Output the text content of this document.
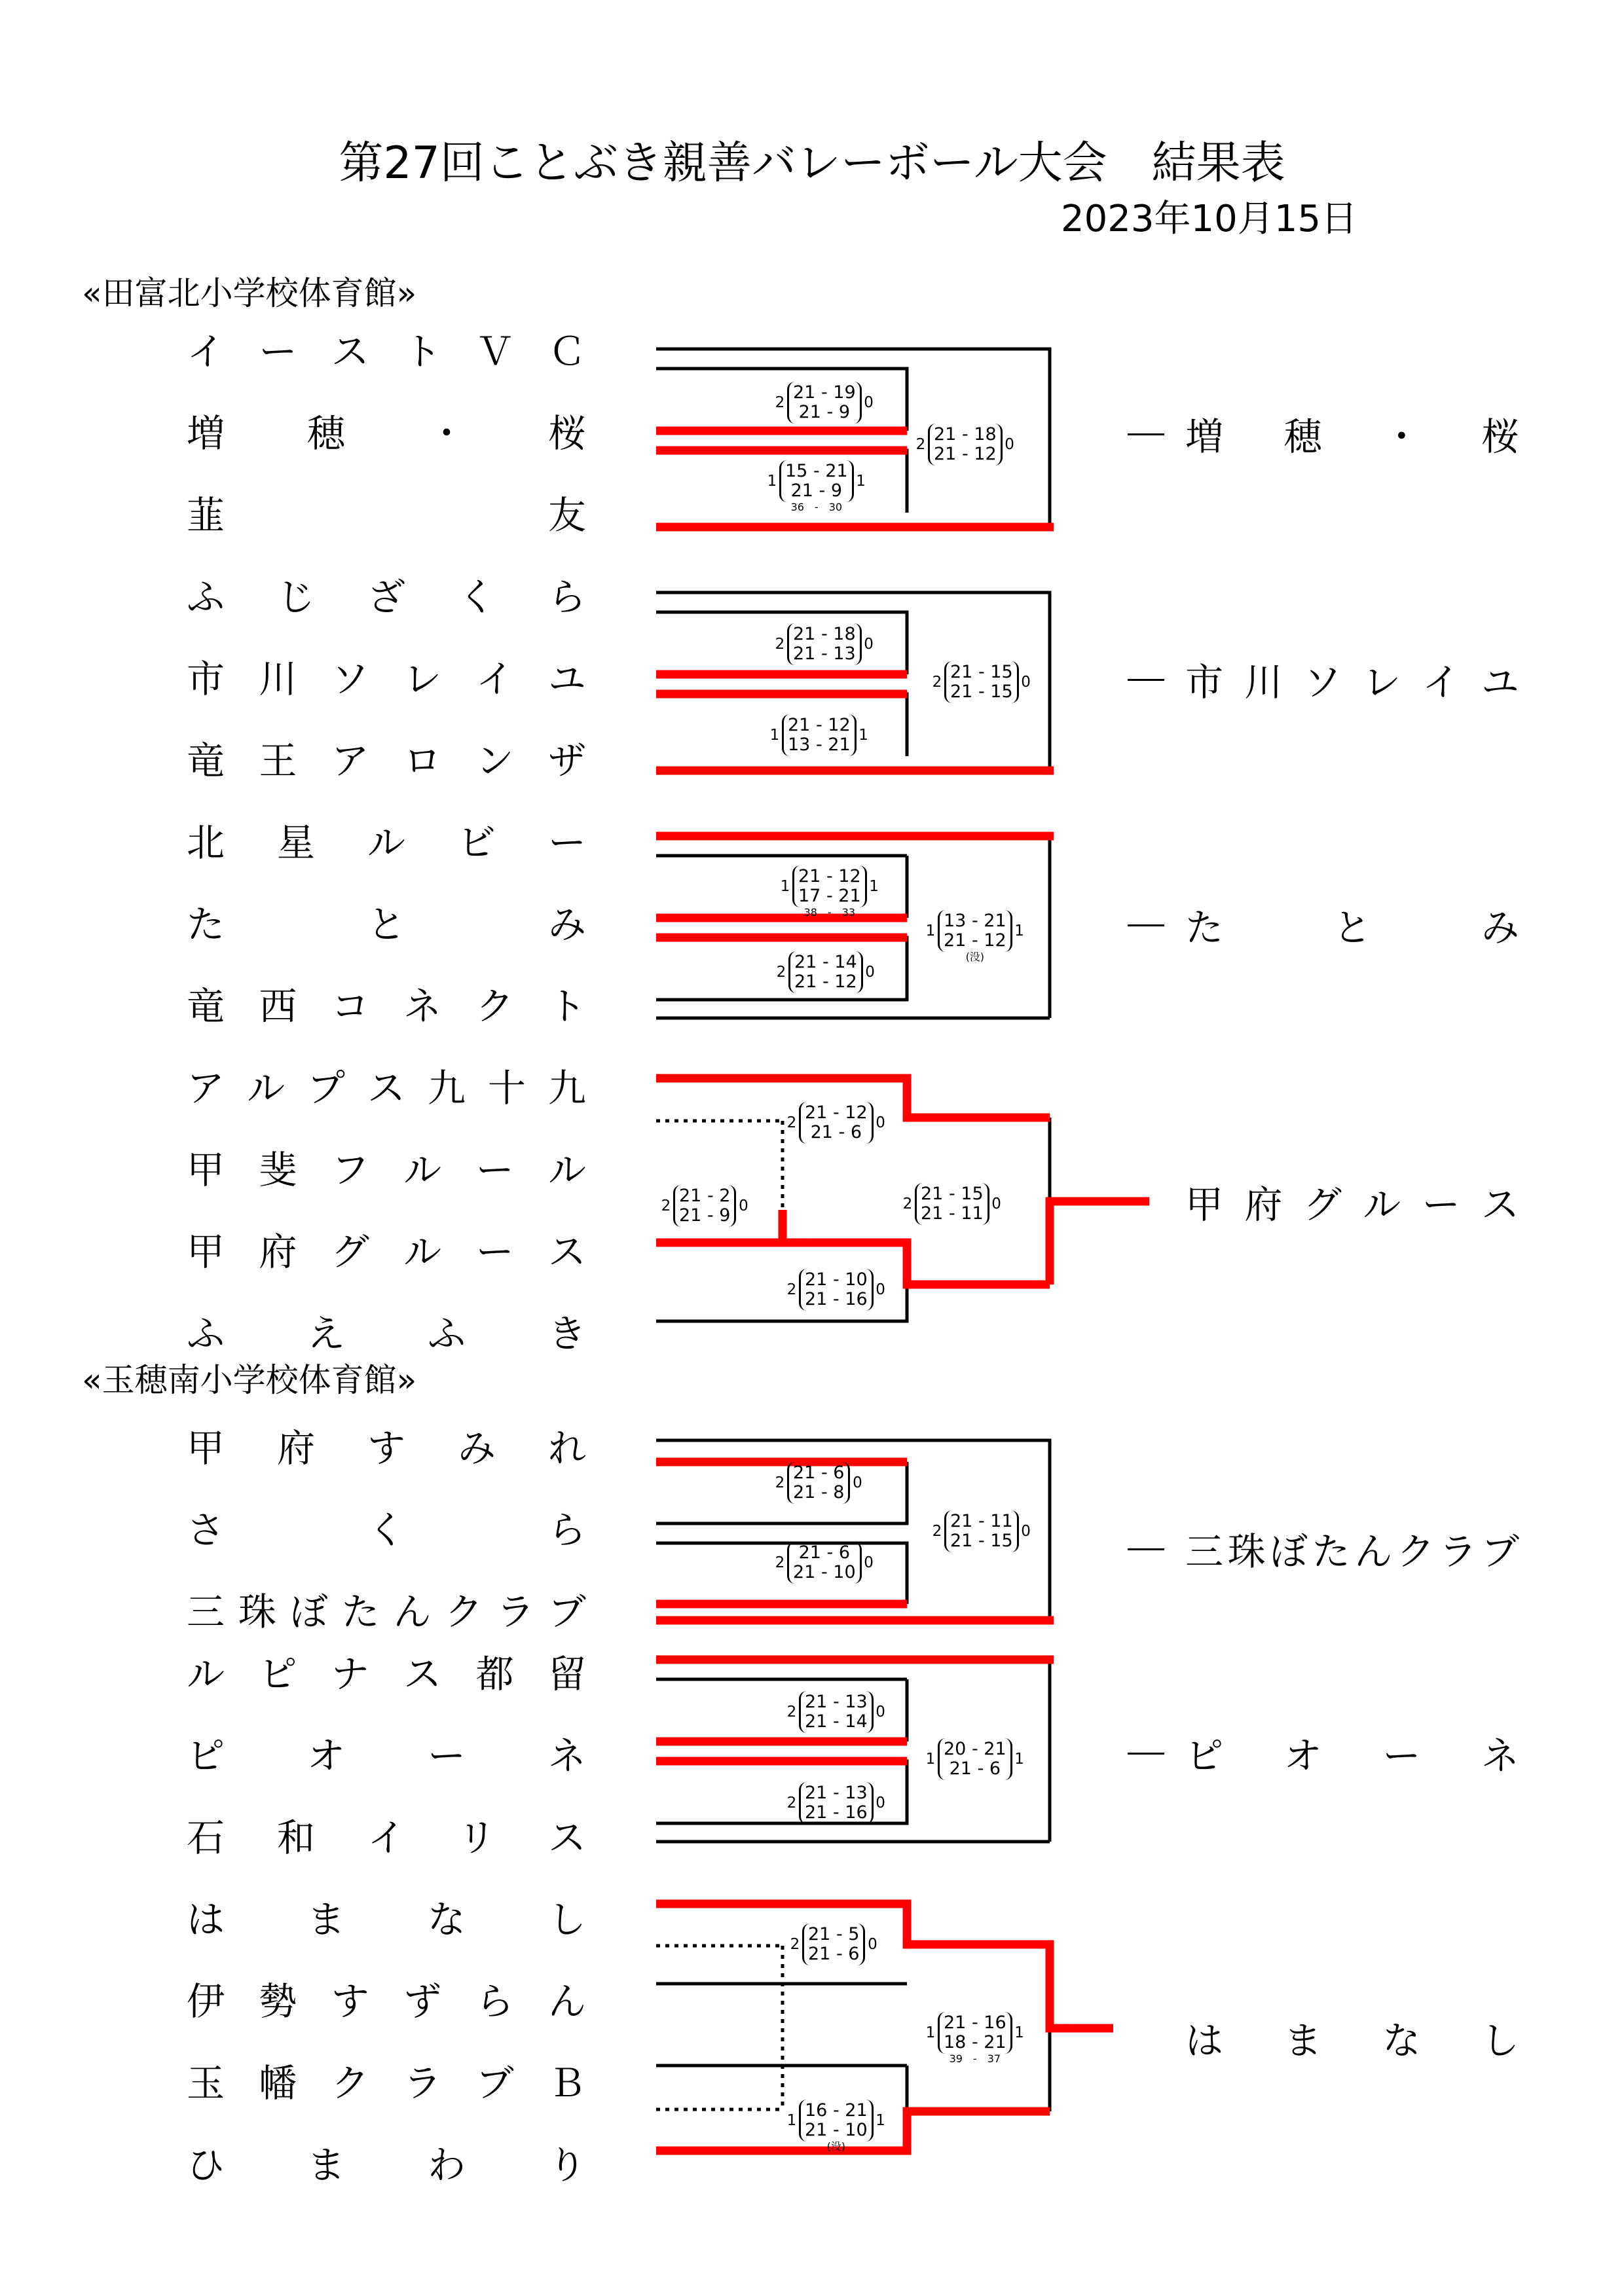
第27回ことぶき親善バレーボール大会　結果表
2023年10月15日
«田富北小学校体育館»
«玉穂南小学校体育館»
イ ー ス ト Ｖ Ｃ
増 穂 ・ 桜
韮	友
ふ じ ざ く ら
市 川 ソ レ イ ユ
竜 王 ア ロ ン ザ
北 星 ル ビ ー
た	と	み
竜 西 コ ネ ク ト
ア ル プ ス 九 十 九
甲 斐 フ ル ー ル
甲 府 グ ル ー ス
ふ え ふ き
甲 府 す み れ
さ	く	ら
三 珠 ぼ た ん ク ラ ブ
ル ピ ナ ス 都 留
ピ オ ー ネ
石 和 イ リ ス
は ま な し
伊 勢 す ず ら ん
玉 幡 ク ラ ブ Ｂ
ひ ま わ り
増 穂 ・ 桜
市 川 ソ レ イ ユ
た	と	み
甲 府 グ ル ー ス
三 珠 ぼ た ん ク ラ ブ
ピ オ ー ネ
は ま な し
2 21 - 19
21 - 9 0
1 15 - 21
21 - 9 1
36　-　30
2 21 - 18
21 - 12 0
2 21 - 18
21 - 13 0
1 21 - 12
13 - 21 1
2 21 - 15
21 - 15 0
1 21 - 12
17 - 21 1
38　-　33
2 21 - 14
21 - 12 0
1 13 - 21
21 - 12 1
(没)
2 21 - 12
21 - 6 0
2 21 - 2
21 - 9 0
2 21 - 10
21 - 16 0
2 21 - 15
21 - 11 0
2 21 - 6
21 - 8 0
2 21 - 6
21 - 10 0
2 21 - 11
21 - 15 0
2 21 - 13
21 - 14 0
2 21 - 13
21 - 16 0
1 20 - 21
21 - 6 1
2 21 - 5
21 - 6 0
1 16 - 21
21 - 10 1
(没)
1 21 - 16
18 - 21 1
39　-　37
